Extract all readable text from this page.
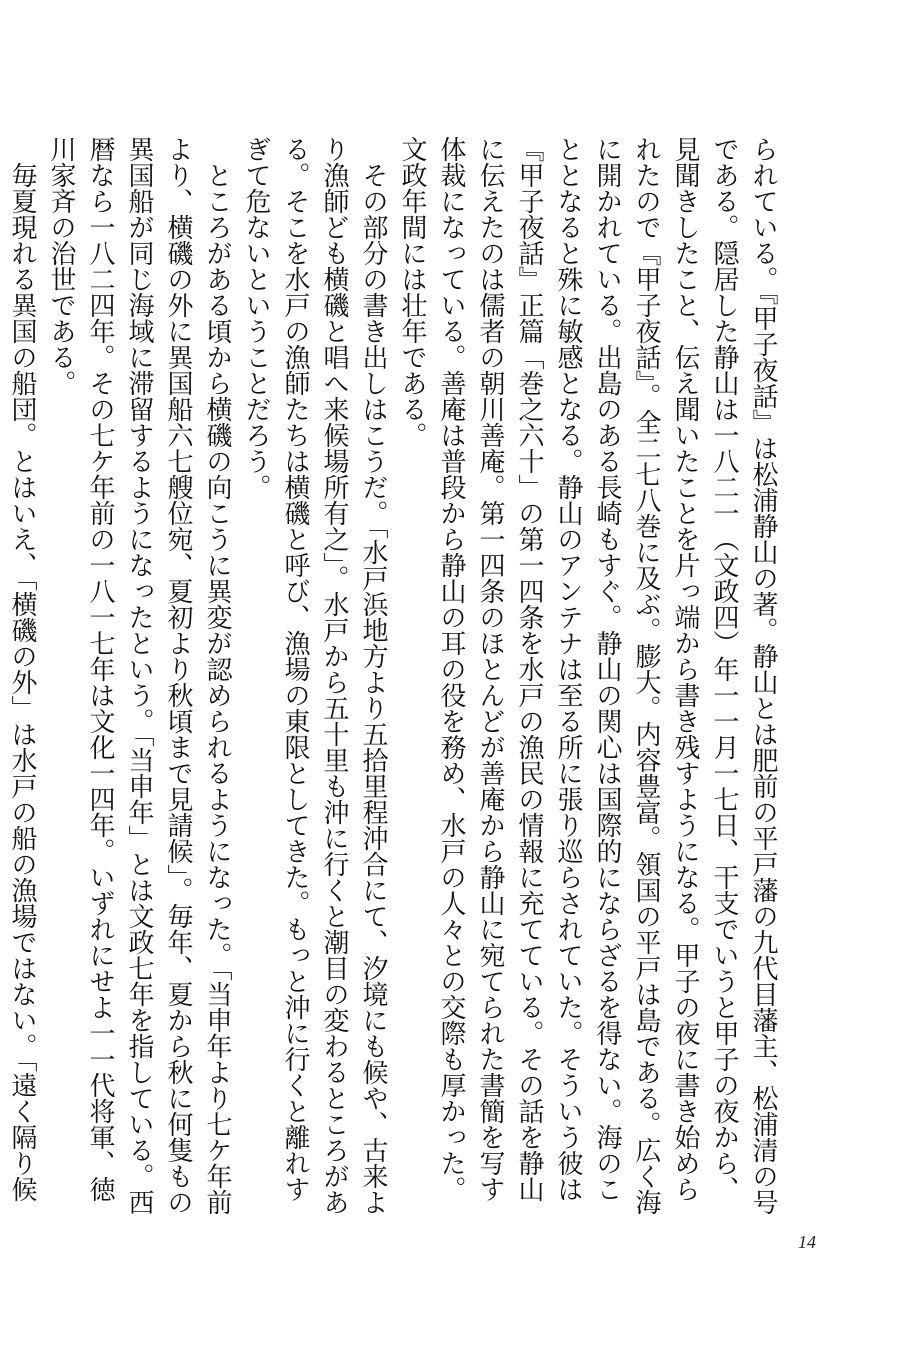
られている。『甲子夜話』は松浦静山の著。静山とは肥前の平戸藩の九代目藩主、松浦清の号である。隠居した静山は一八二一（文政四）年一一月一七日、干支でいうと甲子の夜から、見聞きしたこと、伝え聞いたことを片っ端から書き残すようになる。甲子の夜に書き始められたので『甲子夜話』。全二七八巻に及ぶ。膨大。内容豊富。領国の平戸は島である。広く海に開かれている。出島のある長崎もすぐ。静山の関心は国際的にならざるを得ない。海のこととなると殊に敏感となる。静山のアンテナは至る所に張り巡らされていた。そういう彼は『甲子夜話』正篇「巻之六十」の第一四条を水戸の漁民の情報に充てている。その話を静山に伝えたのは儒者の朝川善庵。第一四条のほとんどが善庵から静山に宛てられた書簡を写す体裁になっている。善庵は普段から静山の耳の役を務め、水戸の人々との交際も厚かった。文政年間には壮年である。

その部分の書き出しはこうだ。「水戸浜地方より五拾里程沖合にて、汐境にも候や、古来より漁師ども横磯と唱へ来候場所有之」。水戸から五十里も沖に行くと潮目の変わるところがある。そこを水戸の漁師たちは横磯と呼び、漁場の東限としてきた。もっと沖に行くと離れすぎて危ないということだろう。

ところがある頃から横磯の向こうに異変が認められるようになった。「当申年より七ケ年前より、横磯の外に異国船六七艘位宛、夏初より秋頃まで見請候」。毎年、夏から秋に何隻もの異国船が同じ海域に滞留するようになったという。「当申年」とは文政七年を指している。西暦なら一八二四年。その七ケ年前の一八一七年は文化一四年。いずれにせよ一一代将軍、徳川家斉の治世である。

毎夏現れる異国の船団。とはいえ、「横磯の外」は水戸の船の漁場ではない。「遠く隔り候

14
